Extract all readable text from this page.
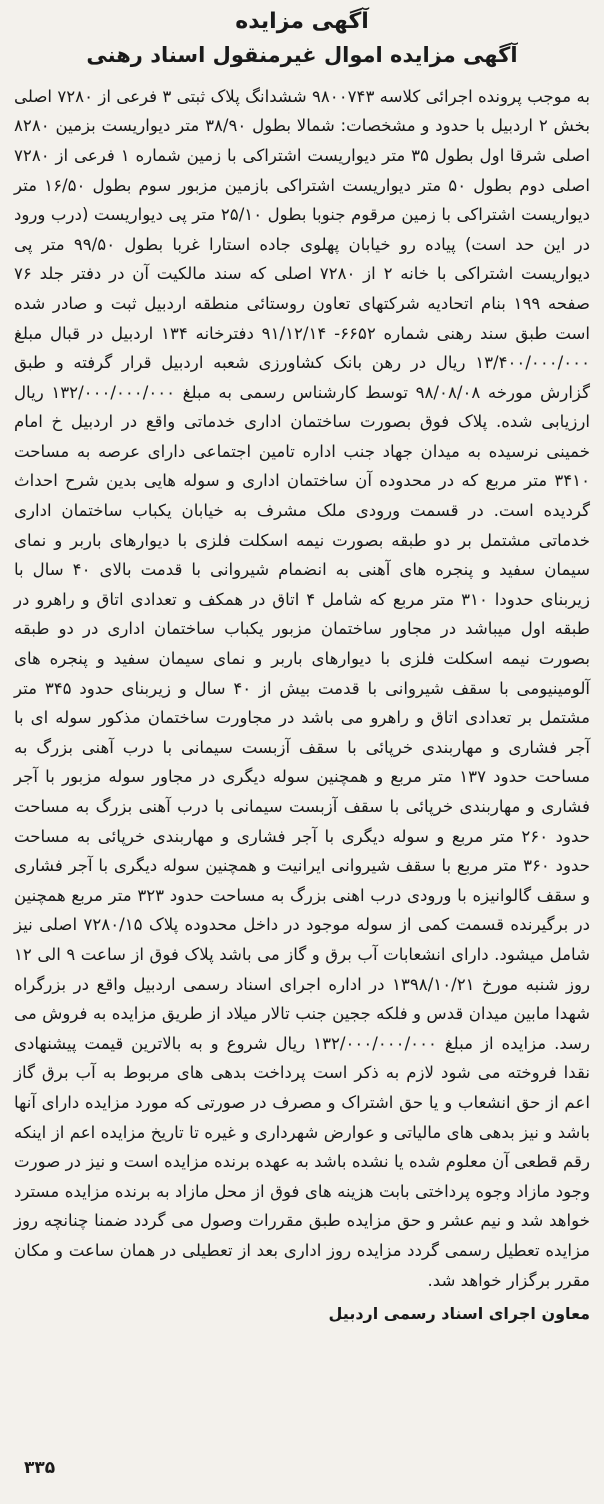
آگهی مزایده
آگهی مزایده اموال غیرمنقول اسناد رهنی
به موجب پرونده اجرائی کلاسه ۹۸۰۰۷۴۳ ششدانگ پلاک ثبتی ۳ فرعی از ۷۲۸۰ اصلی بخش ۲ اردبیل با حدود و مشخصات: شمالا بطول ۳۸/۹۰ متر دیواریست بزمین ۸۲۸۰ اصلی شرقا اول بطول ۳۵ متر دیواریست اشتراکی با زمین شماره ۱ فرعی از ۷۲۸۰ اصلی دوم بطول ۵۰ متر دیواریست اشتراکی بازمین مزبور سوم بطول ۱۶/۵۰ متر دیواریست اشتراکی با زمین مرقوم جنوبا بطول ۲۵/۱۰ متر پی دیواریست (درب ورود در این حد است) پیاده رو خیابان پهلوی جاده استارا غربا بطول ۹۹/۵۰ متر پی دیواریست اشتراکی با خانه ۲ از ۷۲۸۰ اصلی که سند مالکیت آن در دفتر جلد ۷۶ صفحه ۱۹۹ بنام اتحادیه شرکتهای تعاون روستائی منطقه اردبیل ثبت و صادر شده است طبق سند رهنی شماره ۶۶۵۲- ۹۱/۱۲/۱۴ دفترخانه ۱۳۴ اردبیل در قبال مبلغ ۱۳/۴۰۰/۰۰۰/۰۰۰ ریال در رهن بانک کشاورزی شعبه اردبیل قرار گرفته و طبق گزارش مورخه ۹۸/۰۸/۰۸ توسط کارشناس رسمی به مبلغ ۱۳۲/۰۰۰/۰۰۰/۰۰۰ ریال ارزیابی شده. پلاک فوق بصورت ساختمان اداری خدماتی واقع در اردبیل خ امام خمینی نرسیده به میدان جهاد جنب اداره تامین اجتماعی دارای عرصه به مساحت ۳۴۱۰ متر مربع که در محدوده آن ساختمان اداری و سوله هایی بدین شرح احداث گردیده است. در قسمت ورودی ملک مشرف به خیابان یکباب ساختمان اداری خدماتی مشتمل بر دو طبقه بصورت نیمه اسکلت فلزی با دیوارهای باربر و نمای سیمان سفید و پنجره های آهنی به انضمام شیروانی با قدمت بالای ۴۰ سال با زیربنای حدودا ۳۱۰ متر مربع که شامل ۴ اتاق در همکف و تعدادی اتاق و راهرو در طبقه اول میباشد در مجاور ساختمان مزبور یکباب ساختمان اداری در دو طبقه بصورت نیمه اسکلت فلزی با دیوارهای باربر و نمای سیمان سفید و پنجره های آلومینیومی با سقف شیروانی با قدمت بیش از ۴۰ سال و زیربنای حدود ۳۴۵ متر مشتمل بر تعدادی اتاق و راهرو می باشد در مجاورت ساختمان مذکور سوله ای با آجر فشاری و مهاربندی خرپائی با سقف آزبست سیمانی با درب آهنی بزرگ به مساحت حدود ۱۳۷ متر مربع و همچنین سوله دیگری در مجاور سوله مزبور با آجر فشاری و مهاربندی خرپائی با سقف آزبست سیمانی با درب آهنی بزرگ به مساحت حدود ۲۶۰ متر مربع و سوله دیگری با آجر فشاری و مهاربندی خرپائی به مساحت حدود ۳۶۰ متر مربع با سقف شیروانی ایرانیت و همچنین سوله دیگری با آجر فشاری و سقف گالوانیزه با ورودی درب اهنی بزرگ به مساحت حدود ۳۲۳ متر مربع همچنین در برگیرنده قسمت کمی از سوله موجود در داخل محدوده پلاک ۷۲۸۰/۱۵ اصلی نیز شامل میشود. دارای انشعابات آب برق و گاز می باشد پلاک فوق از ساعت ۹ الی ۱۲ روز شنبه مورخ ۱۳۹۸/۱۰/۲۱ در اداره اجرای اسناد رسمی اردبیل واقع در بزرگراه شهدا مابین میدان قدس و فلکه ججین جنب تالار میلاد از طریق مزایده به فروش می رسد. مزایده از مبلغ ۱۳۲/۰۰۰/۰۰۰/۰۰۰ ریال شروع و به بالاترین قیمت پیشنهادی نقدا فروخته می شود لازم به ذکر است پرداخت بدهی های مربوط به آب برق گاز اعم از حق انشعاب و یا حق اشتراک و مصرف در صورتی که مورد مزایده دارای آنها باشد و نیز بدهی های مالیاتی و عوارض شهرداری و غیره تا تاریخ مزایده اعم از اینکه رقم قطعی آن معلوم شده یا نشده باشد به عهده برنده مزایده است و نیز در صورت وجود مازاد وجوه پرداختی بابت هزینه های فوق از محل مازاد به برنده مزایده مسترد خواهد شد و نیم عشر و حق مزایده طبق مقررات وصول می گردد ضمنا چنانچه روز مزایده تعطیل رسمی گردد مزایده روز اداری بعد از تعطیلی در همان ساعت و مکان مقرر برگزار خواهد شد.
معاون اجرای اسناد رسمی اردبیل
۳۳۵
